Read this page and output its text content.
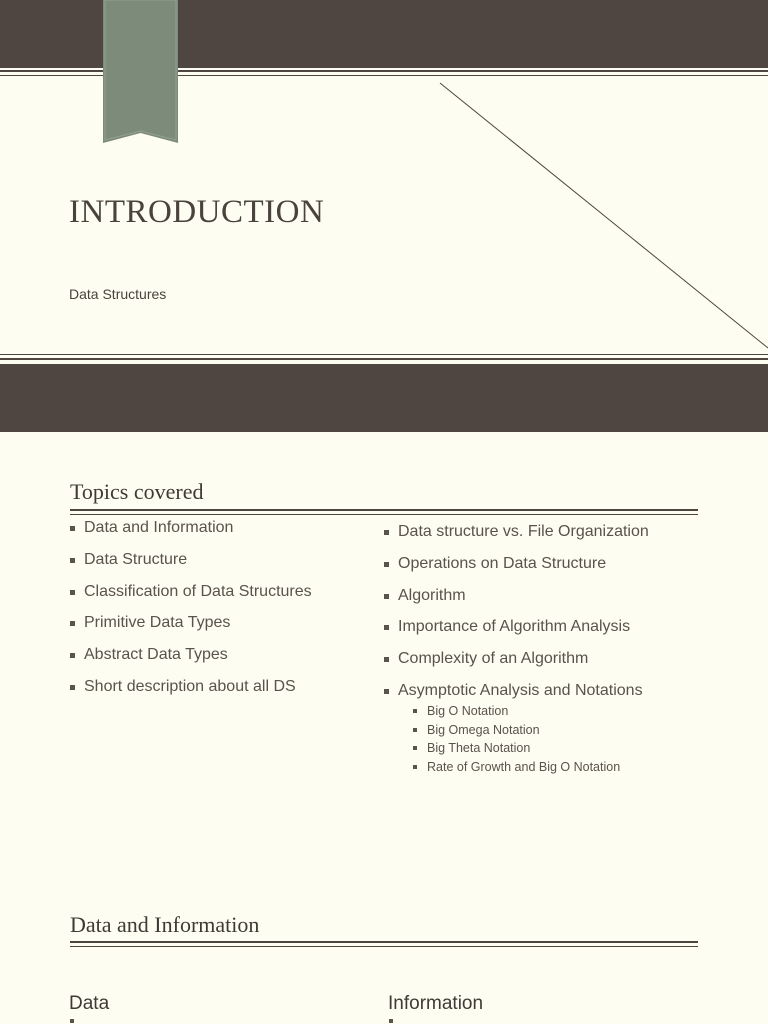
INTRODUCTION
Data Structures
Topics covered
Data and Information
Data Structure
Classification of Data Structures
Primitive Data Types
Abstract Data Types
Short description about all DS
Data structure vs. File Organization
Operations on Data Structure
Algorithm
Importance of Algorithm Analysis
Complexity of an Algorithm
Asymptotic Analysis and Notations
Big O Notation
Big Omega Notation
Big Theta Notation
Rate of Growth and Big O Notation
Data and Information
Data	Information
